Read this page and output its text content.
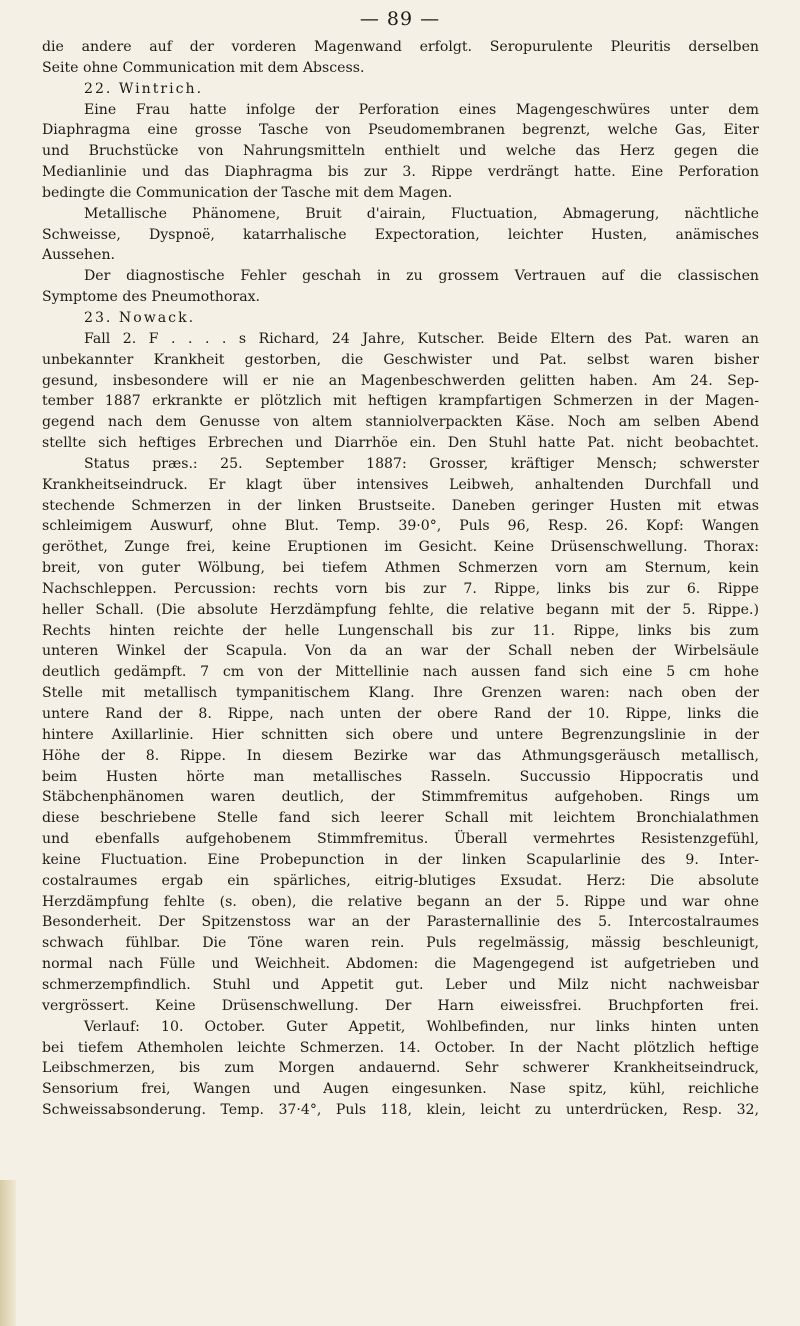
— 89 —
die andere auf der vorderen Magenwand erfolgt. Seropurulente Pleuritis derselben
Seite ohne Communication mit dem Abscess.
22. Wintrich.
Eine Frau hatte infolge der Perforation eines Magengeschwüres unter dem
Diaphragma eine grosse Tasche von Pseudomembranen begrenzt, welche Gas, Eiter
und Bruchstücke von Nahrungsmitteln enthielt und welche das Herz gegen die
Medianlinie und das Diaphragma bis zur 3. Rippe verdrängt hatte. Eine Perforation
bedingte die Communication der Tasche mit dem Magen.
Metallische Phänomene, Bruit d'airain, Fluctuation, Abmagerung, nächtliche
Schweisse, Dyspnoë, katarrhalische Expectoration, leichter Husten, anämisches
Aussehen.
Der diagnostische Fehler geschah in zu grossem Vertrauen auf die classischen
Symptome des Pneumothorax.
23. Nowack.
Fall 2. F . . . . s Richard, 24 Jahre, Kutscher. Beide Eltern des Pat. waren an
unbekannter Krankheit gestorben, die Geschwister und Pat. selbst waren bisher
gesund, insbesondere will er nie an Magenbeschwerden gelitten haben. Am 24. Sep-
tember 1887 erkrankte er plötzlich mit heftigen krampfartigen Schmerzen in der Magen-
gegend nach dem Genusse von altem stanniolverpackten Käse. Noch am selben Abend
stellte sich heftiges Erbrechen und Diarrhöe ein. Den Stuhl hatte Pat. nicht beobachtet.
Status præs.: 25. September 1887: Grosser, kräftiger Mensch; schwerster
Krankheitseindruck. Er klagt über intensives Leibweh, anhaltenden Durchfall und
stechende Schmerzen in der linken Brustseite. Daneben geringer Husten mit etwas
schleimigem Auswurf, ohne Blut. Temp. 39·0°, Puls 96, Resp. 26. Kopf: Wangen
geröthet, Zunge frei, keine Eruptionen im Gesicht. Keine Drüsenschwellung. Thorax:
breit, von guter Wölbung, bei tiefem Athmen Schmerzen vorn am Sternum, kein
Nachschleppen. Percussion: rechts vorn bis zur 7. Rippe, links bis zur 6. Rippe
heller Schall. (Die absolute Herzdämpfung fehlte, die relative begann mit der 5. Rippe.)
Rechts hinten reichte der helle Lungenschall bis zur 11. Rippe, links bis zum
unteren Winkel der Scapula. Von da an war der Schall neben der Wirbelsäule
deutlich gedämpft. 7 cm von der Mittellinie nach aussen fand sich eine 5 cm hohe
Stelle mit metallisch tympanitischem Klang. Ihre Grenzen waren: nach oben der
untere Rand der 8. Rippe, nach unten der obere Rand der 10. Rippe, links die
hintere Axillarlinie. Hier schnitten sich obere und untere Begrenzungslinie in der
Höhe der 8. Rippe. In diesem Bezirke war das Athmungsgeräusch metallisch,
beim Husten hörte man metallisches Rasseln. Succussio Hippocratis und
Stäbchenphänomen waren deutlich, der Stimmfremitus aufgehoben. Rings um
diese beschriebene Stelle fand sich leerer Schall mit leichtem Bronchialathmen
und ebenfalls aufgehobenem Stimmfremitus. Überall vermehrtes Resistenzgefühl,
keine Fluctuation. Eine Probepunction in der linken Scapularlinie des 9. Inter-
costalraumes ergab ein spärliches, eitrig-blutiges Exsudat. Herz: Die absolute
Herzdämpfung fehlte (s. oben), die relative begann an der 5. Rippe und war ohne
Besonderheit. Der Spitzenstoss war an der Parasternallinie des 5. Intercostalraumes
schwach fühlbar. Die Töne waren rein. Puls regelmässig, mässig beschleunigt,
normal nach Fülle und Weichheit. Abdomen: die Magengegend ist aufgetrieben und
schmerzempfindlich. Stuhl und Appetit gut. Leber und Milz nicht nachweisbar
vergrössert. Keine Drüsenschwellung. Der Harn eiweissfrei. Bruchpforten frei.
Verlauf: 10. October. Guter Appetit, Wohlbefinden, nur links hinten unten
bei tiefem Athemholen leichte Schmerzen. 14. October. In der Nacht plötzlich heftige
Leibschmerzen, bis zum Morgen andauernd. Sehr schwerer Krankheitseindruck,
Sensorium frei, Wangen und Augen eingesunken. Nase spitz, kühl, reichliche
Schweissabsonderung. Temp. 37·4°, Puls 118, klein, leicht zu unterdrücken, Resp. 32,
